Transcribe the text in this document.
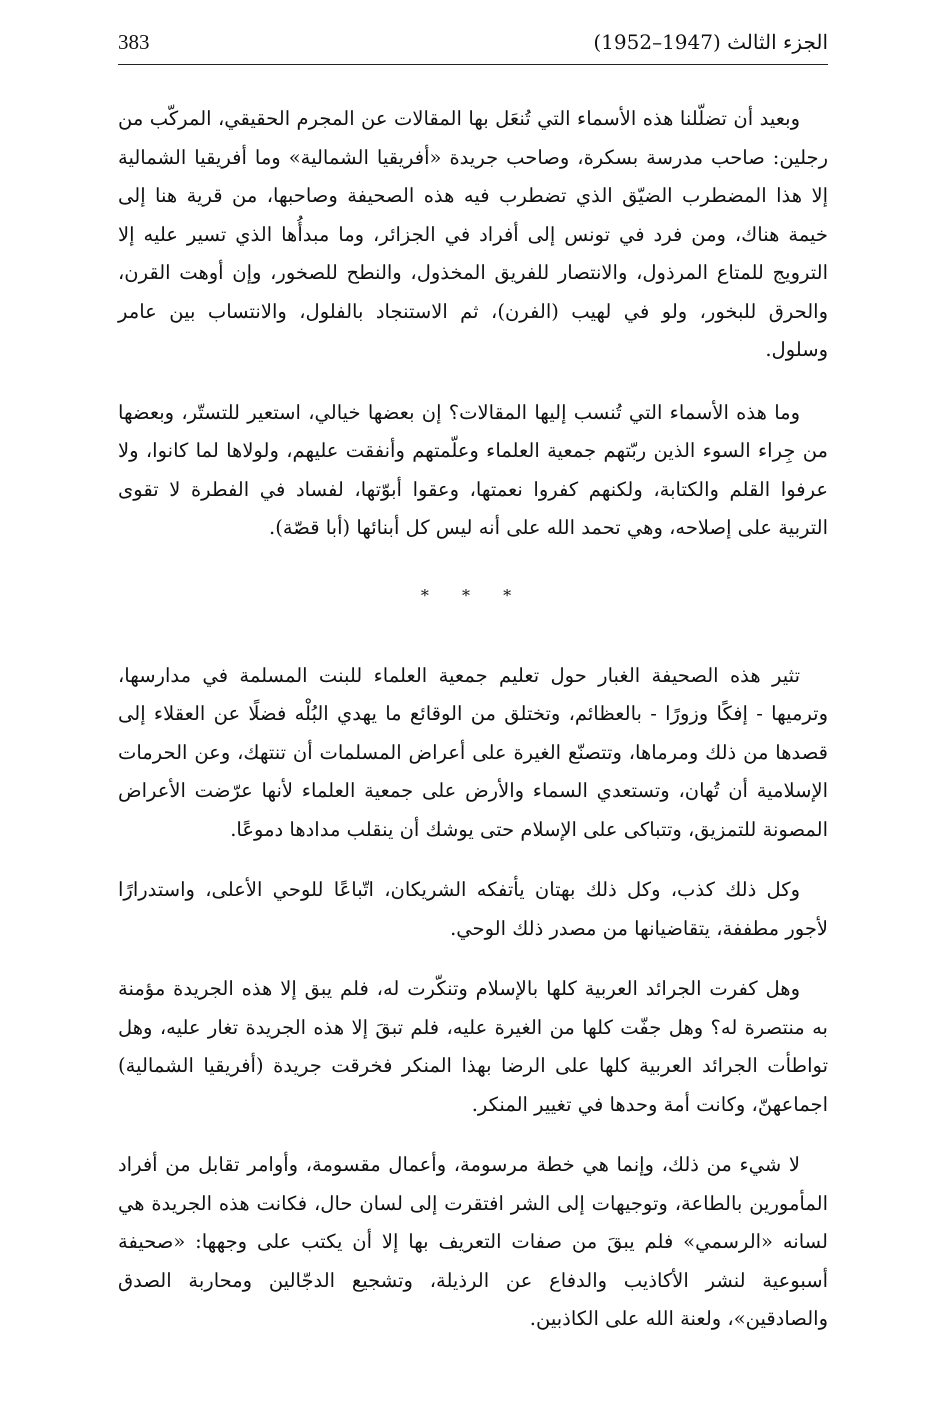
383	الجزء الثالث (1947–1952)

وبعيد أن تضلّلنا هذه الأسماء التي تُنعَل بها المقالات عن المجرم الحقيقي، المركّب من رجلين: صاحب مدرسة بسكرة، وصاحب جريدة «أفريقيا الشمالية» وما أفريقيا الشمالية إلا هذا المضطرب الضيّق الذي تضطرب فيه هذه الصحيفة وصاحبها، من قرية هنا إلى خيمة هناك، ومن فرد في تونس إلى أفراد في الجزائر، وما مبدأُها الذي تسير عليه إلا الترويج للمتاع المرذول، والانتصار للفريق المخذول، والنطح للصخور، وإن أوهت القرن، والحرق للبخور، ولو في لهيب (الفرن)، ثم الاستنجاد بالفلول، والانتساب بين عامر وسلول.

وما هذه الأسماء التي تُنسب إليها المقالات؟ إن بعضها خيالي، استعير للتستّر، وبعضها من جِراء السوء الذين ربّتهم جمعية العلماء وعلّمتهم وأنفقت عليهم، ولولاها لما كانوا، ولا عرفوا القلم والكتابة، ولكنهم كفروا نعمتها، وعقوا أبوّتها، لفساد في الفطرة لا تقوى التربية على إصلاحه، وهي تحمد الله على أنه ليس كل أبنائها (أبا قصّة).

* * *

تثير هذه الصحيفة الغبار حول تعليم جمعية العلماء للبنت المسلمة في مدارسها، وترميها - إفكًا وزورًا - بالعظائم، وتختلق من الوقائع ما يهدي البُلْه فضلًا عن العقلاء إلى قصدها من ذلك ومرماها، وتتصنّع الغيرة على أعراض المسلمات أن تنتهك، وعن الحرمات الإسلامية أن تُهان، وتستعدي السماء والأرض على جمعية العلماء لأنها عرّضت الأعراض المصونة للتمزيق، وتتباكى على الإسلام حتى يوشك أن ينقلب مدادها دموعًا.

وكل ذلك كذب، وكل ذلك بهتان يأتفكه الشريكان، اتّباعًا للوحي الأعلى، واستدرارًا لأجور مطففة، يتقاضيانها من مصدر ذلك الوحي.

وهل كفرت الجرائد العربية كلها بالإسلام وتنكّرت له، فلم يبق إلا هذه الجريدة مؤمنة به منتصرة له؟ وهل جفّت كلها من الغيرة عليه، فلم تبقَ إلا هذه الجريدة تغار عليه، وهل تواطأت الجرائد العربية كلها على الرضا بهذا المنكر فخرقت جريدة (أفريقيا الشمالية) اجماعهنّ، وكانت أمة وحدها في تغيير المنكر.

لا شيء من ذلك، وإنما هي خطة مرسومة، وأعمال مقسومة، وأوامر تقابل من أفراد المأمورين بالطاعة، وتوجيهات إلى الشر افتقرت إلى لسان حال، فكانت هذه الجريدة هي لسانه «الرسمي» فلم يبقَ من صفات التعريف بها إلا أن يكتب على وجهها: «صحيفة أسبوعية لنشر الأكاذيب والدفاع عن الرذيلة، وتشجيع الدجّالين ومحاربة الصدق والصادقين»، ولعنة الله على الكاذبين.
